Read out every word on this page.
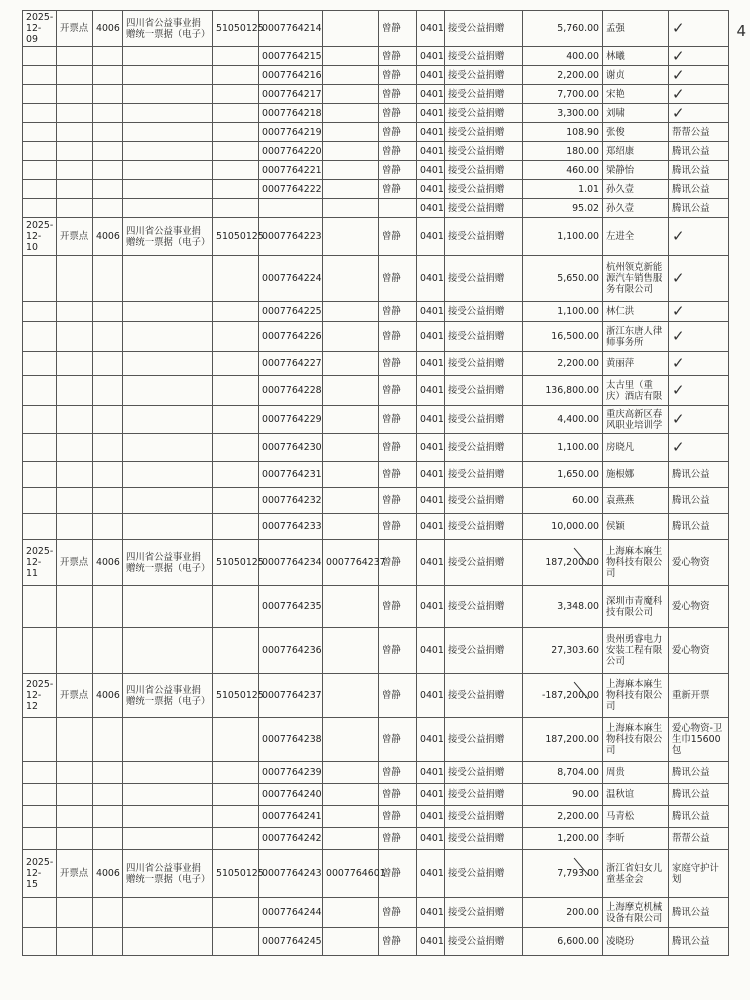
4
2025-12-09	开票点	4006	四川省公益事业捐赠统一票据（电子）	51050125	0007764214		曾静	0401	接受公益捐赠	5,760.00	孟强	✓
					0007764215		曾静	0401	接受公益捐赠	400.00	林曦	✓
					0007764216		曾静	0401	接受公益捐赠	2,200.00	谢贞	✓
					0007764217		曾静	0401	接受公益捐赠	7,700.00	宋艳	✓
					0007764218		曾静	0401	接受公益捐赠	3,300.00	刘啸	✓
					0007764219		曾静	0401	接受公益捐赠	108.90	张俊	帮帮公益
					0007764220		曾静	0401	接受公益捐赠	180.00	郑绍康	腾讯公益
					0007764221		曾静	0401	接受公益捐赠	460.00	梁静怡	腾讯公益
					0007764222		曾静	0401	接受公益捐赠	1.01	孙久壹	腾讯公益
								0401	接受公益捐赠	95.02	孙久壹	腾讯公益
2025-12-10	开票点	4006	四川省公益事业捐赠统一票据（电子）	51050125	0007764223		曾静	0401	接受公益捐赠	1,100.00	左进全	✓
					0007764224		曾静	0401	接受公益捐赠	5,650.00	杭州领克新能源汽车销售服务有限公司	✓
					0007764225		曾静	0401	接受公益捐赠	1,100.00	林仁洪	✓
					0007764226		曾静	0401	接受公益捐赠	16,500.00	浙江东唐人律师事务所	✓
					0007764227		曾静	0401	接受公益捐赠	2,200.00	黄丽萍	✓
					0007764228		曾静	0401	接受公益捐赠	136,800.00	太古里（重庆）酒店有限	✓
					0007764229		曾静	0401	接受公益捐赠	4,400.00	重庆高新区春风职业培训学	✓
					0007764230		曾静	0401	接受公益捐赠	1,100.00	房晓凡	✓
					0007764231		曾静	0401	接受公益捐赠	1,650.00	施根娜	腾讯公益
					0007764232		曾静	0401	接受公益捐赠	60.00	袁燕燕	腾讯公益
					0007764233		曾静	0401	接受公益捐赠	10,000.00	侯颖	腾讯公益
2025-12-11	开票点	4006	四川省公益事业捐赠统一票据（电子）	51050125	0007764234	0007764237	曾静	0401	接受公益捐赠	187,200.00	上海麻本麻生物科技有限公司	爱心物资
					0007764235		曾静	0401	接受公益捐赠	3,348.00	深圳市青魔科技有限公司	爱心物资
					0007764236		曾静	0401	接受公益捐赠	27,303.60	贵州勇睿电力安装工程有限公司	爱心物资
2025-12-12	开票点	4006	四川省公益事业捐赠统一票据（电子）	51050125	0007764237		曾静	0401	接受公益捐赠	-187,200.00	上海麻本麻生物科技有限公司	重新开票
					0007764238		曾静	0401	接受公益捐赠	187,200.00	上海麻本麻生物科技有限公司	爱心物资-卫生巾15600包
					0007764239		曾静	0401	接受公益捐赠	8,704.00	周贵	腾讯公益
					0007764240		曾静	0401	接受公益捐赠	90.00	温秋谊	腾讯公益
					0007764241		曾静	0401	接受公益捐赠	2,200.00	马青松	腾讯公益
					0007764242		曾静	0401	接受公益捐赠	1,200.00	李昕	帮帮公益
2025-12-15	开票点	4006	四川省公益事业捐赠统一票据（电子）	51050125	0007764243	0007764601	曾静	0401	接受公益捐赠	7,793.00	浙江省妇女儿童基金会	家庭守护计划
					0007764244		曾静	0401	接受公益捐赠	200.00	上海摩克机械设备有限公司	腾讯公益
					0007764245		曾静	0401	接受公益捐赠	6,600.00	凌晓玢	腾讯公益
